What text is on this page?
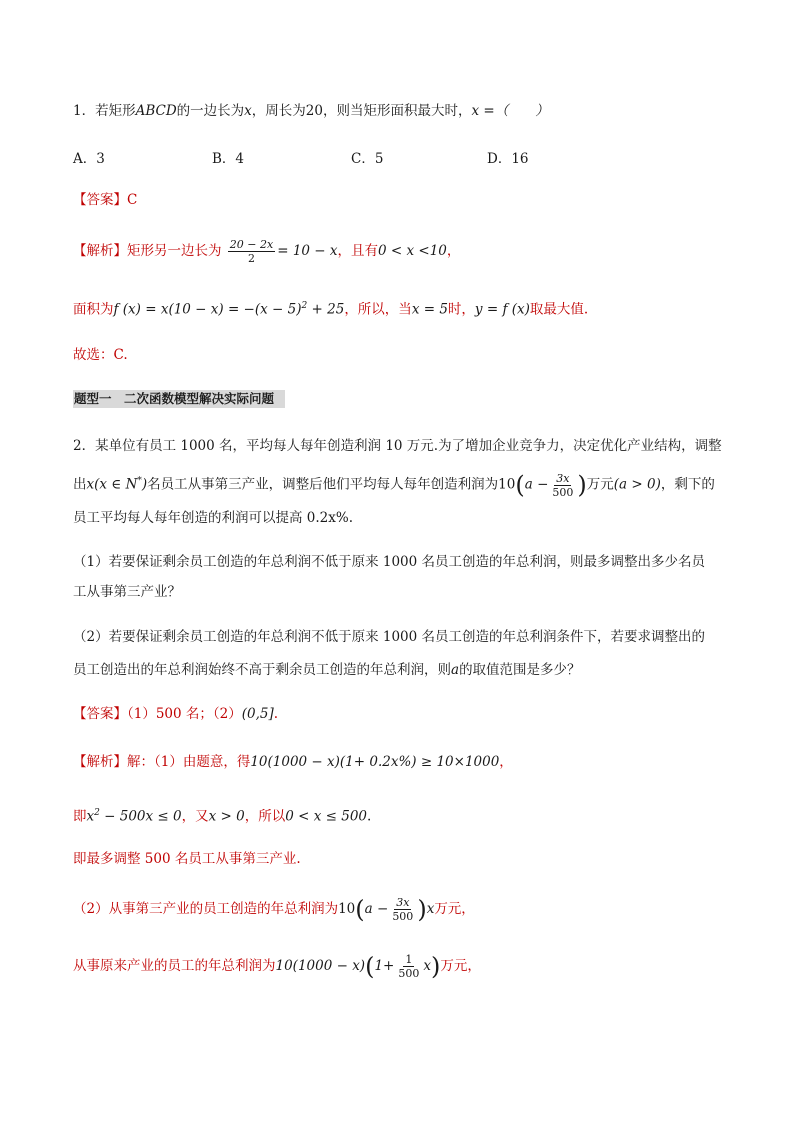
1．若矩形ABCD的一边长为x，周长为20，则当矩形面积最大时，x =（　　）
A．3	B．4	C．5	D．16
【答案】C
【解析】矩形另一边长为 $\frac{20 - 2x}{2} = 10 - x$，且有0 < x <10，
面积为f $(x) = x(10 - x) = -(x - 5)^2 + 25$，所以，当x = 5时，y = f (x)取最大值.
故选：C.
题型一　二次函数模型解决实际问题
2．某单位有员工 1000 名，平均每人每年创造利润 10 万元.为了增加企业竞争力，决定优化产业结构，调整
出x(x ∈ N*)名员工从事第三产业，调整后他们平均每人每年创造利润为$10(a - \frac{3x}{500}$ )万元(a > 0)，剩下的
员工平均每人每年创造的利润可以提高 0.2x%.
（1）若要保证剩余员工创造的年总利润不低于原来 1000 名员工创造的年总利润，则最多调整出多少名员
工从事第三产业？
（2）若要保证剩余员工创造的年总利润不低于原来 1000 名员工创造的年总利润条件下，若要求调整出的
员工创造出的年总利润始终不高于剩余员工创造的年总利润，则a的取值范围是多少？
【答案】（1）500 名；（2）(0,5].
【解析】解：（1）由题意，得10(1000 − x)(1+ 0.2x%) ≥ 10×1000，
即$x^2 - 500x \le 0$，又x > 0，所以0 < x ≤ 500.
即最多调整 500 名员工从事第三产业.
（2）从事第三产业的员工创造的年总利润为$10(a - \frac{3x}{500} )x$万元，
从事原来产业的员工的年总利润为$10(1000 - x)(1+ \frac{1}{500} x)$万元，
